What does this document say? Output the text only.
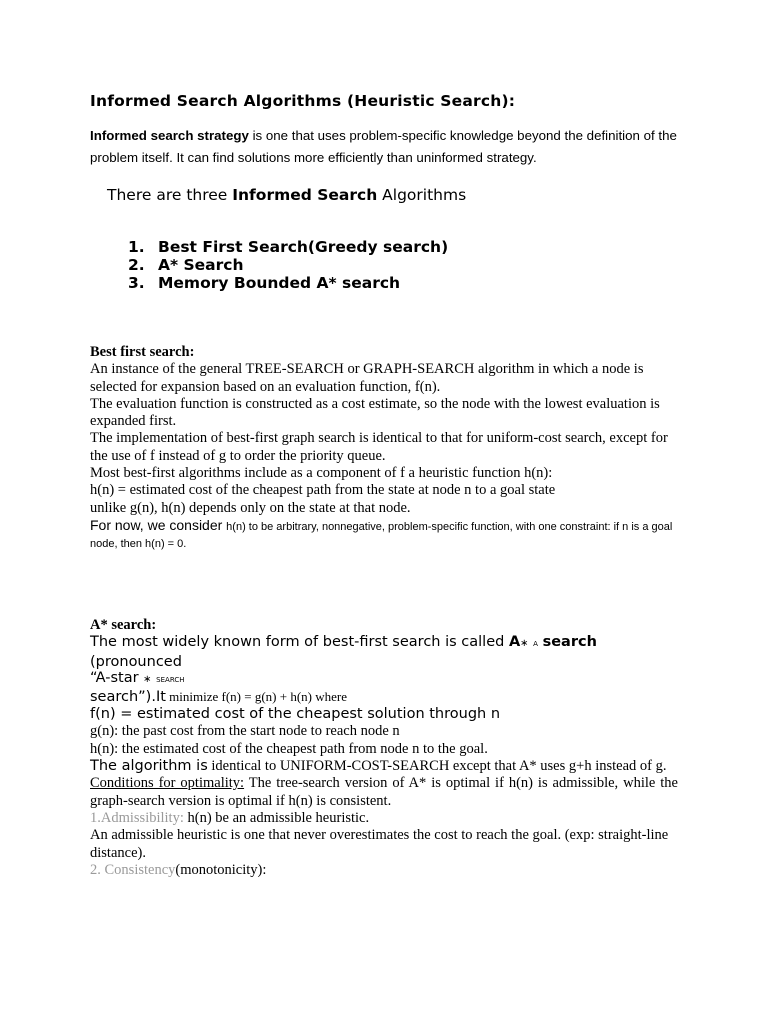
Informed Search Algorithms (Heuristic Search):
Informed search strategy is one that uses problem-specific knowledge beyond the definition of the problem itself. It can find solutions more efficiently than uninformed strategy.
There are three Informed Search Algorithms
1. Best First Search(Greedy search)
2. A* Search
3. Memory Bounded A* search

Best first search:

An instance of the general TREE-SEARCH or GRAPH-SEARCH algorithm in which a node is selected for expansion based on an evaluation function, f(n).

The evaluation function is constructed as a cost estimate, so the node with the lowest evaluation is expanded first.

The implementation of best-first graph search is identical to that for uniform-cost search, except for the use of f instead of g to order the priority queue.

Most best-first algorithms include as a component of f a heuristic function h(n):

h(n) = estimated cost of the cheapest path from the state at node n to a goal state

unlike g(n), h(n) depends only on the state at that node.

For now, we consider h(n) to be arbitrary, nonnegative, problem-specific function, with one constraint: if n is a goal node, then h(n) = 0.

A* search:

The most widely known form of best-first search is called A∗ A search (pronounced

“A-star ∗ SEARCH

search”).It minimize f(n) = g(n) + h(n) where

f(n) = estimated cost of the cheapest solution through n

g(n): the past cost from the start node to reach node n

h(n): the estimated cost of the cheapest path from node n to the goal.

The algorithm is identical to UNIFORM-COST-SEARCH except that A* uses g+h instead of g.

Conditions for optimality: The tree-search version of A* is optimal if h(n) is admissible, while the graph-search version is optimal if h(n) is consistent.

1.Admissibility: h(n) be an admissible heuristic.

An admissible heuristic is one that never overestimates the cost to reach the goal. (exp: straight-line distance).

2. Consistency(monotonicity):
